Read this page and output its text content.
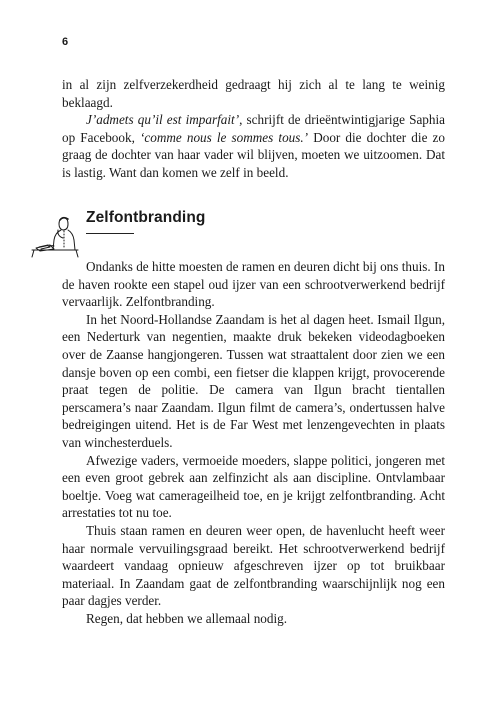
6

in al zijn zelfverzekerdheid gedraagt hij zich al te lang te weinig beklaagd.

J’admets qu’il est imparfait’, schrijft de drieëntwintigjarige Saphia op Facebook, ‘comme nous le sommes tous.’ Door die dochter die zo graag de dochter van haar vader wil blijven, moeten we uitzoomen. Dat is lastig. Want dan komen we zelf in beeld.

Zelfontbranding

Ondanks de hitte moesten de ramen en deuren dicht bij ons thuis. In de haven rookte een stapel oud ijzer van een schrootverwerkend bedrijf vervaarlijk. Zelfontbranding.

In het Noord-Hollandse Zaandam is het al dagen heet. Ismail Ilgun, een Nederturk van negentien, maakte druk bekeken videodagboeken over de Zaanse hangjongeren. Tussen wat straattalent door zien we een dansje boven op een combi, een fietser die klappen krijgt, provocerende praat tegen de politie. De camera van Ilgun bracht tientallen perscamera’s naar Zaandam. Ilgun filmt de camera’s, ondertussen halve bedreigingen uitend. Het is de Far West met lenzengevechten in plaats van winchesterduels.

Afwezige vaders, vermoeide moeders, slappe politici, jongeren met een even groot gebrek aan zelfinzicht als aan discipline. Ontvlambaar boeltje. Voeg wat camerageilheid toe, en je krijgt zelfontbranding. Acht arrestaties tot nu toe.

Thuis staan ramen en deuren weer open, de havenlucht heeft weer haar normale vervuilingsgraad bereikt. Het schrootverwerkend bedrijf waardeert vandaag opnieuw afgeschreven ijzer op tot bruikbaar materiaal. In Zaandam gaat de zelfontbranding waarschijnlijk nog een paar dagjes verder.

Regen, dat hebben we allemaal nodig.
